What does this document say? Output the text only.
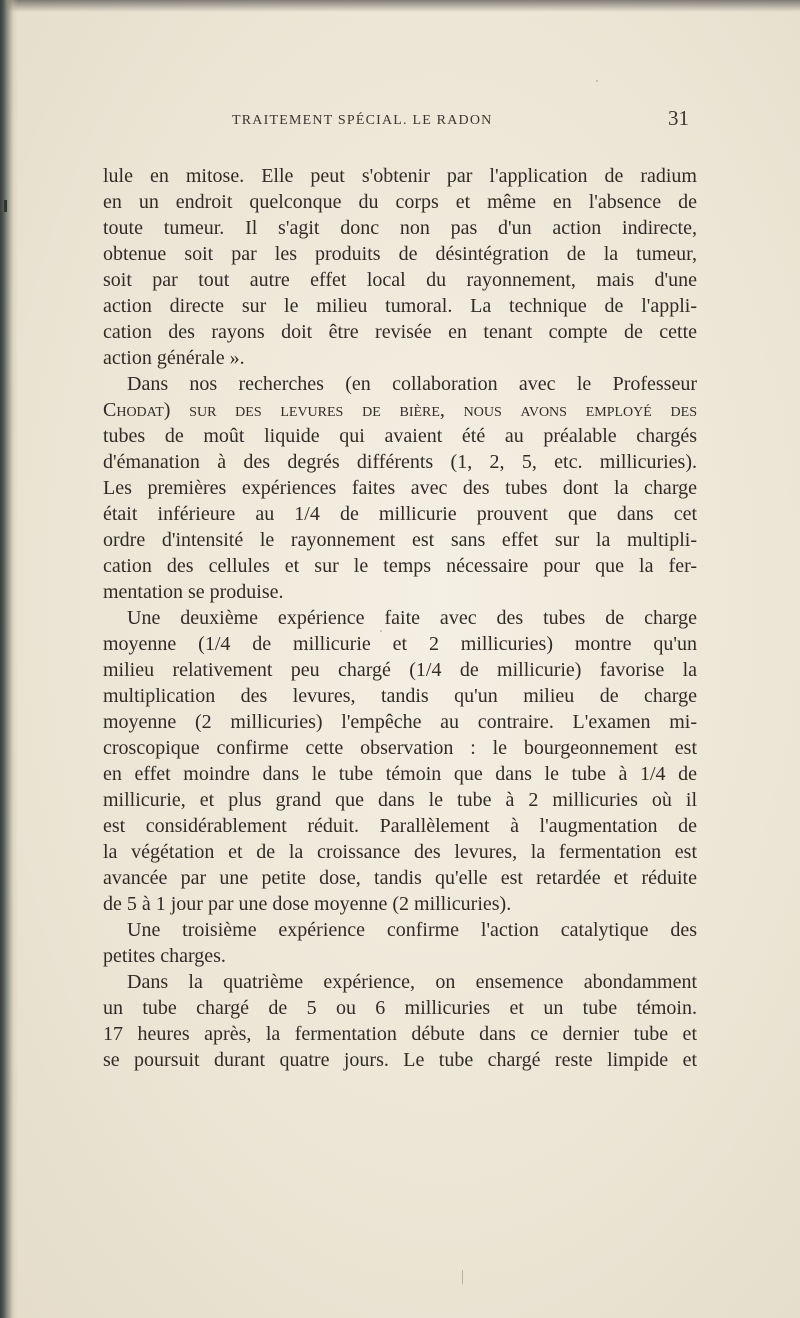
TRAITEMENT SPÉCIAL. LE RADON	31
lule en mitose. Elle peut s'obtenir par l'application de radium
en un endroit quelconque du corps et même en l'absence de
toute tumeur. Il s'agit donc non pas d'un action indirecte,
obtenue soit par les produits de désintégration de la tumeur,
soit par tout autre effet local du rayonnement, mais d'une
action directe sur le milieu tumoral. La technique de l'appli-
cation des rayons doit être revisée en tenant compte de cette
action générale ».
Dans nos recherches (en collaboration avec le Professeur
Chodat) sur des levures de bière, nous avons employé des
tubes de moût liquide qui avaient été au préalable chargés
d'émanation à des degrés différents (1, 2, 5, etc. millicuries).
Les premières expériences faites avec des tubes dont la charge
était inférieure au 1/4 de millicurie prouvent que dans cet
ordre d'intensité le rayonnement est sans effet sur la multipli-
cation des cellules et sur le temps nécessaire pour que la fer-
mentation se produise.
Une deuxième expérience faite avec des tubes de charge
moyenne (1/4 de millicurie et 2 millicuries) montre qu'un
milieu relativement peu chargé (1/4 de millicurie) favorise la
multiplication des levures, tandis qu'un milieu de charge
moyenne (2 millicuries) l'empêche au contraire. L'examen mi-
croscopique confirme cette observation : le bourgeonnement est
en effet moindre dans le tube témoin que dans le tube à 1/4 de
millicurie, et plus grand que dans le tube à 2 millicuries où il
est considérablement réduit. Parallèlement à l'augmentation de
la végétation et de la croissance des levures, la fermentation est
avancée par une petite dose, tandis qu'elle est retardée et réduite
de 5 à 1 jour par une dose moyenne (2 millicuries).
Une troisième expérience confirme l'action catalytique des
petites charges.
Dans la quatrième expérience, on ensemence abondamment
un tube chargé de 5 ou 6 millicuries et un tube témoin.
17 heures après, la fermentation débute dans ce dernier tube et
se poursuit durant quatre jours. Le tube chargé reste limpide et
